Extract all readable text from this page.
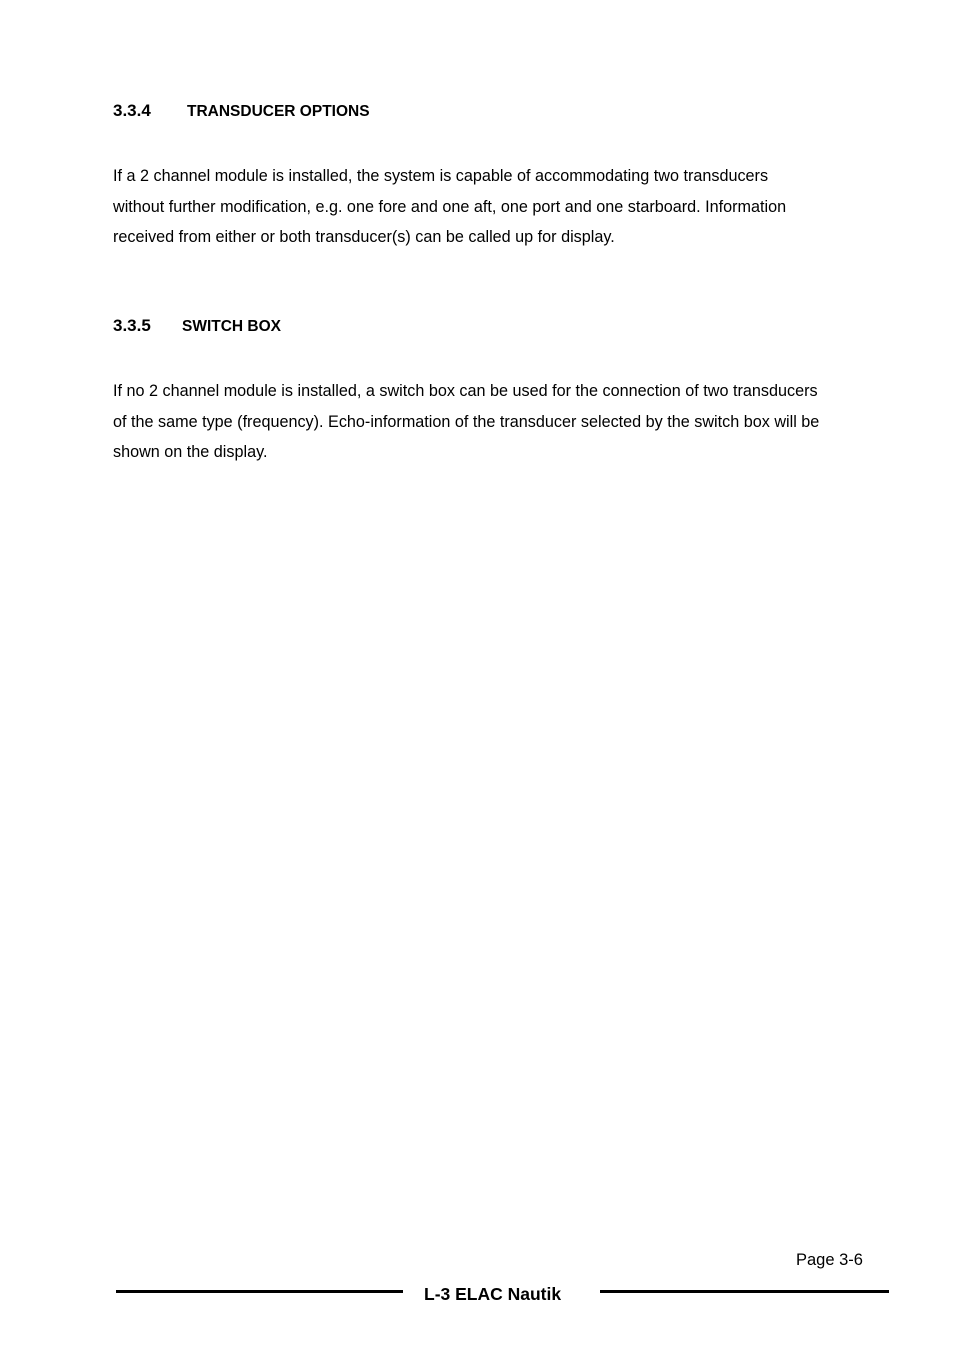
3.3.4 TRANSDUCER OPTIONS
If a 2 channel module is installed, the system is capable of accommodating two transducers
without further modification, e.g. one fore and one aft, one port and one starboard. Information
received from either or both transducer(s) can be called up for display.
3.3.5 SWITCH BOX
If no 2 channel module is installed, a switch box can be used for the connection of two transducers
of the same type (frequency). Echo-information of the transducer selected by the switch box will be
shown on the display.
Page 3-6
L-3 ELAC Nautik
